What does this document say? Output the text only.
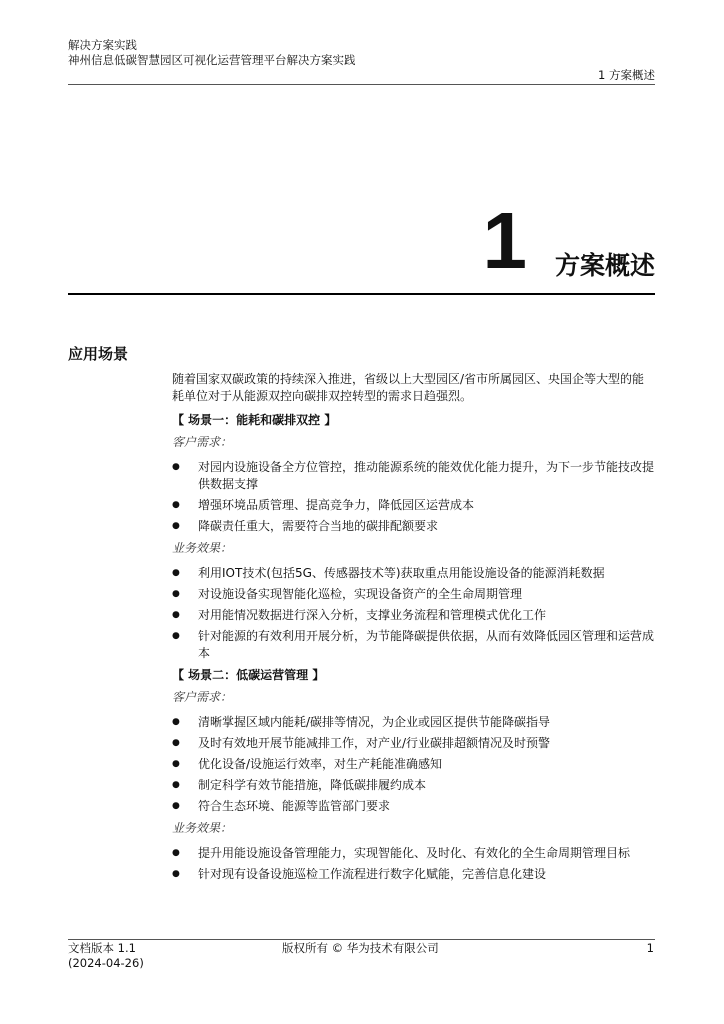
解决方案实践
神州信息低碳智慧园区可视化运营管理平台解决方案实践
1 方案概述
1 方案概述
应用场景

随着国家双碳政策的持续深入推进，省级以上大型园区/省市所属园区、央国企等大型的能耗单位对于从能源双控向碳排双控转型的需求日趋强烈。

【 场景一：能耗和碳排双控 】
客户需求：
● 对园内设施设备全方位管控，推动能源系统的能效优化能力提升，为下一步节能技改提供数据支撑
● 增强环境品质管理、提高竞争力，降低园区运营成本
● 降碳责任重大，需要符合当地的碳排配额要求
业务效果：
● 利用IOT技术(包括5G、传感器技术等)获取重点用能设施设备的能源消耗数据
● 对设施设备实现智能化巡检，实现设备资产的全生命周期管理
● 对用能情况数据进行深入分析，支撑业务流程和管理模式优化工作
● 针对能源的有效利用开展分析，为节能降碳提供依据，从而有效降低园区管理和运营成本
【 场景二：低碳运营管理 】
客户需求：
● 清晰掌握区域内能耗/碳排等情况，为企业或园区提供节能降碳指导
● 及时有效地开展节能减排工作，对产业/行业碳排超额情况及时预警
● 优化设备/设施运行效率，对生产耗能准确感知
● 制定科学有效节能措施，降低碳排履约成本
● 符合生态环境、能源等监管部门要求
业务效果：
● 提升用能设施设备管理能力，实现智能化、及时化、有效化的全生命周期管理目标
● 针对现有设备设施巡检工作流程进行数字化赋能，完善信息化建设
文档版本 1.1
(2024-04-26)
版权所有 © 华为技术有限公司	1
